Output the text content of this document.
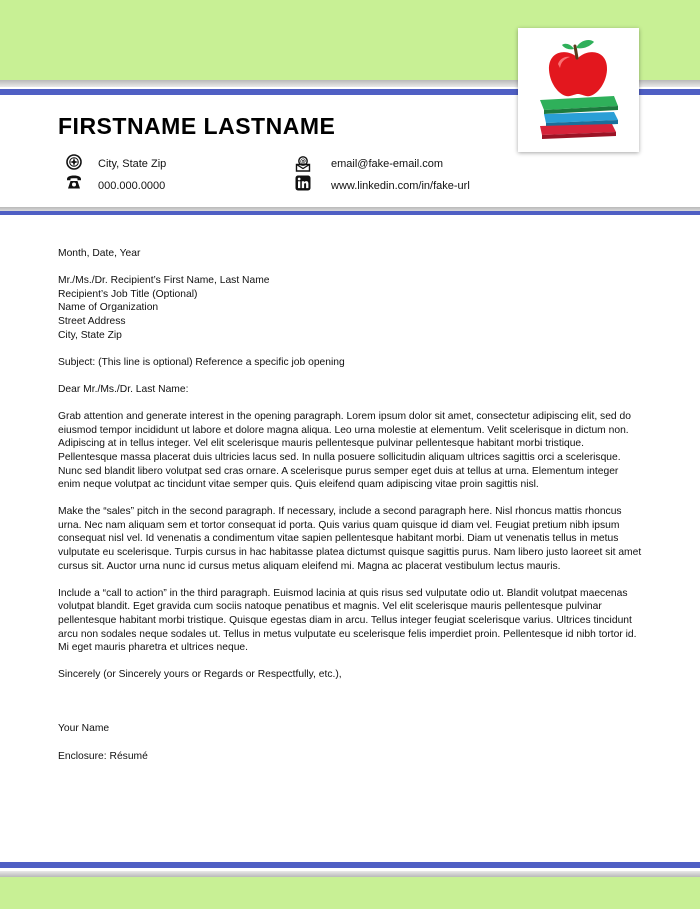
FIRSTNAME LASTNAME
City, State Zip	@ email@fake-email.com
000.000.0000	www.linkedin.com/in/fake-url

Month, Date, Year

Mr./Ms./Dr. Recipient’s First Name, Last Name
Recipient’s Job Title (Optional)
Name of Organization
Street Address
City, State Zip

Subject: (This line is optional) Reference a specific job opening

Dear Mr./Ms./Dr. Last Name:

Grab attention and generate interest in the opening paragraph. Lorem ipsum dolor sit amet, consectetur adipiscing elit, sed do eiusmod tempor incididunt ut labore et dolore magna aliqua. Leo urna molestie at elementum. Velit scelerisque in dictum non. Adipiscing at in tellus integer. Vel elit scelerisque mauris pellentesque pulvinar pellentesque habitant morbi tristique. Pellentesque massa placerat duis ultricies lacus sed. In nulla posuere sollicitudin aliquam ultrices sagittis orci a scelerisque. Nunc sed blandit libero volutpat sed cras ornare. A scelerisque purus semper eget duis at tellus at urna. Elementum integer enim neque volutpat ac tincidunt vitae semper quis. Quis eleifend quam adipiscing vitae proin sagittis nisl.

Make the “sales” pitch in the second paragraph. If necessary, include a second paragraph here. Nisl rhoncus mattis rhoncus urna. Nec nam aliquam sem et tortor consequat id porta. Quis varius quam quisque id diam vel. Feugiat pretium nibh ipsum consequat nisl vel. Id venenatis a condimentum vitae sapien pellentesque habitant morbi. Diam ut venenatis tellus in metus vulputate eu scelerisque. Turpis cursus in hac habitasse platea dictumst quisque sagittis purus. Nam libero justo laoreet sit amet cursus sit. Auctor urna nunc id cursus metus aliquam eleifend mi. Magna ac placerat vestibulum lectus mauris.

Include a “call to action” in the third paragraph. Euismod lacinia at quis risus sed vulputate odio ut. Blandit volutpat maecenas volutpat blandit. Eget gravida cum sociis natoque penatibus et magnis. Vel elit scelerisque mauris pellentesque pulvinar pellentesque habitant morbi tristique. Quisque egestas diam in arcu. Tellus integer feugiat scelerisque varius. Ultrices tincidunt arcu non sodales neque sodales ut. Tellus in metus vulputate eu scelerisque felis imperdiet proin. Pellentesque id nibh tortor id. Mi eget mauris pharetra et ultrices neque.

Sincerely (or Sincerely yours or Regards or Respectfully, etc.),

Your Name

Enclosure: Résumé
